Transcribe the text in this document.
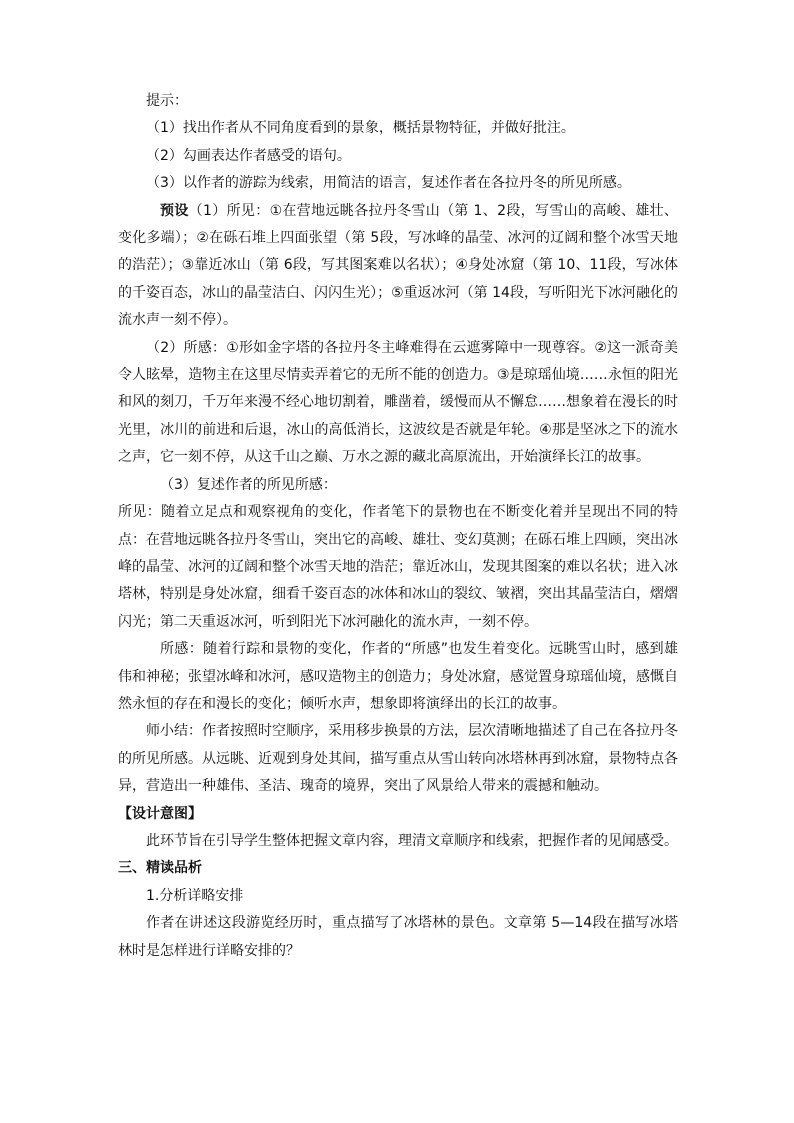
提示：

（1）找出作者从不同角度看到的景象，概括景物特征，并做好批注。

（2）勾画表达作者感受的语句。

（3）以作者的游踪为线索，用简洁的语言，复述作者在各拉丹冬的所见所感。

预设（1）所见：①在营地远眺各拉丹冬雪山（第 1、2段，写雪山的高峻、雄壮、变化多端）；②在砾石堆上四面张望（第 5段，写冰峰的晶莹、冰河的辽阔和整个冰雪天地的浩茫）；③靠近冰山（第 6段，写其图案难以名状）；④身处冰窟（第 10、11段，写冰体的千姿百态，冰山的晶莹洁白、闪闪生光）；⑤重返冰河（第 14段，写听阳光下冰河融化的流水声一刻不停）。

（2）所感：①形如金字塔的各拉丹冬主峰难得在云遮雾障中一现尊容。②这一派奇美令人眩晕，造物主在这里尽情卖弄着它的无所不能的创造力。③是琼瑶仙境……永恒的阳光和风的刻刀，千万年来漫不经心地切割着，雕凿着，缓慢而从不懈怠……想象着在漫长的时光里，冰川的前进和后退，冰山的高低消长，这波纹是否就是年轮。④那是坚冰之下的流水之声，它一刻不停，从这千山之巅、万水之源的藏北高原流出，开始演绎长江的故事。

（3）复述作者的所见所感：

所见：随着立足点和观察视角的变化，作者笔下的景物也在不断变化着并呈现出不同的特点：在营地远眺各拉丹冬雪山，突出它的高峻、雄壮、变幻莫测；在砾石堆上四顾，突出冰峰的晶莹、冰河的辽阔和整个冰雪天地的浩茫；靠近冰山，发现其图案的难以名状；进入冰塔林，特别是身处冰窟，细看千姿百态的冰体和冰山的裂纹、皱褶，突出其晶莹洁白，熠熠闪光；第二天重返冰河，听到阳光下冰河融化的流水声，一刻不停。

所感：随着行踪和景物的变化，作者的“所感”也发生着变化。远眺雪山时，感到雄伟和神秘；张望冰峰和冰河，感叹造物主的创造力；身处冰窟，感觉置身琼瑶仙境，感慨自然永恒的存在和漫长的变化；倾听水声，想象即将演绎出的长江的故事。

师小结：作者按照时空顺序，采用移步换景的方法，层次清晰地描述了自己在各拉丹冬的所见所感。从远眺、近观到身处其间，描写重点从雪山转向冰塔林再到冰窟，景物特点各异，营造出一种雄伟、圣洁、瑰奇的境界，突出了风景给人带来的震撼和触动。

【设计意图】

此环节旨在引导学生整体把握文章内容，理清文章顺序和线索，把握作者的见闻感受。

三、精读品析

1.分析详略安排

作者在讲述这段游览经历时，重点描写了冰塔林的景色。文章第 5—14段在描写冰塔林时是怎样进行详略安排的？
